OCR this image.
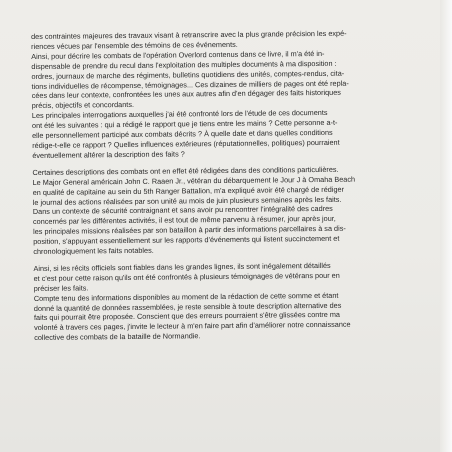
des contraintes majeures des travaux visant à retranscrire avec la plus grande précision les expé-
riences vécues par l'ensemble des témoins de ces événements.

Ainsi, pour décrire les combats de l'opération Overlord contenus dans ce livre, il m'a été in-
dispensable de prendre du recul dans l'exploitation des multiples documents à ma disposition :
ordres, journaux de marche des régiments, bulletins quotidiens des unités, comptes-rendus, cita-
tions individuelles de récompense, témoignages... Ces dizaines de milliers de pages ont été repla-
cées dans leur contexte, confrontées les unes aux autres afin d'en dégager des faits historiques
précis, objectifs et concordants.

Les principales interrogations auxquelles j'ai été confronté lors de l'étude de ces documents
ont été les suivantes : qui a rédigé le rapport que je tiens entre les mains ? Cette personne a-t-
elle personnellement participé aux combats décrits ? À quelle date et dans quelles conditions
rédige-t-elle ce rapport ? Quelles influences extérieures (réputationnelles, politiques) pourraient
éventuellement altérer la description des faits ?

Certaines descriptions des combats ont en effet été rédigées dans des conditions particulières.
Le Major General américain John C. Raaen Jr., vétéran du débarquement le Jour J à Omaha Beach
en qualité de capitaine au sein du 5th Ranger Battalion, m'a expliqué avoir été chargé de rédiger
le journal des actions réalisées par son unité au mois de juin plusieurs semaines après les faits.
Dans un contexte de sécurité contraignant et sans avoir pu rencontrer l'intégralité des cadres
concernés par les différentes activités, il est tout de même parvenu à résumer, jour après jour,
les principales missions réalisées par son bataillon à partir des informations parcellaires à sa dis-
position, s'appuyant essentiellement sur les rapports d'événements qui listent succinctement et
chronologiquement les faits notables.

Ainsi, si les récits officiels sont fiables dans les grandes lignes, ils sont inégalement détaillés
et c'est pour cette raison qu'ils ont été confrontés à plusieurs témoignages de vétérans pour en
préciser les faits.

Compte tenu des informations disponibles au moment de la rédaction de cette somme et étant
donné la quantité de données rassemblées, je reste sensible à toute description alternative des
faits qui pourrait être proposée. Conscient que des erreurs pourraient s'être glissées contre ma
volonté à travers ces pages, j'invite le lecteur à m'en faire part afin d'améliorer notre connaissance
collective des combats de la bataille de Normandie.
